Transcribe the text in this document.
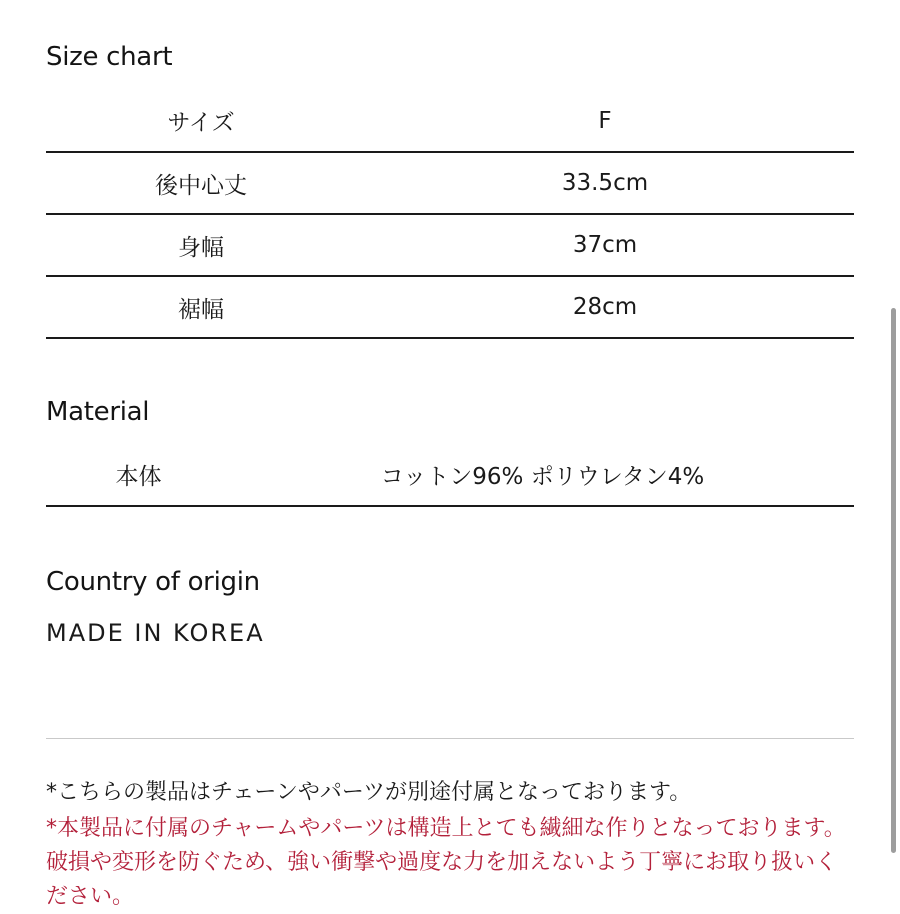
Size chart
サイズ	F
後中心丈	33.5cm
身幅	37cm
裾幅	28cm
Material
本体	コットン96% ポリウレタン4%
Country of origin
MADE IN KOREA
*こちらの製品はチェーンやパーツが別途付属となっております。
*本製品に付属のチャームやパーツは構造上とても繊細な作りとなっております。破損や変形を防ぐため、強い衝撃や過度な力を加えないよう丁寧にお取り扱いください。
